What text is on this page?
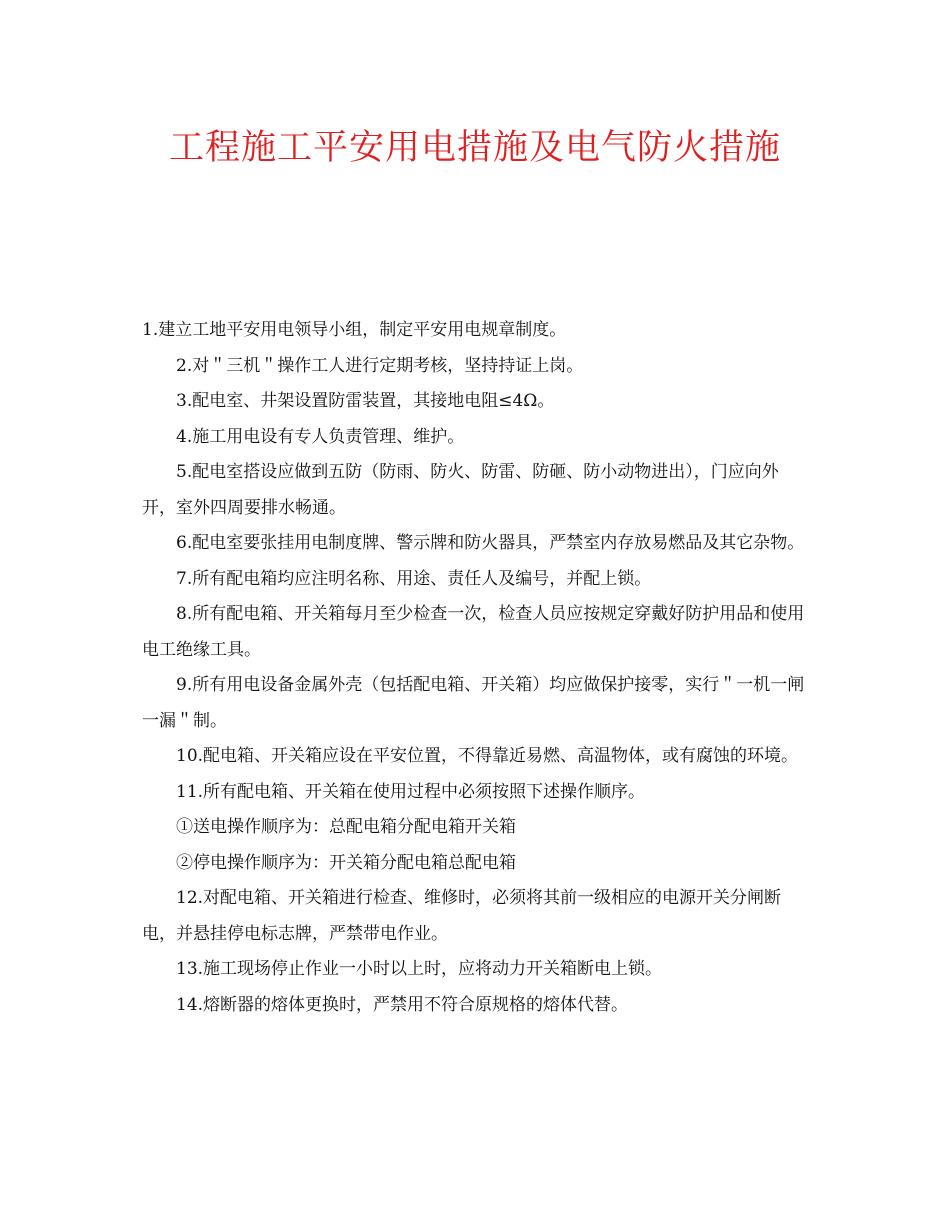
工程施工平安用电措施及电气防火措施

1.建立工地平安用电领导小组，制定平安用电规章制度。

2.对＂三机＂操作工人进行定期考核，坚持持证上岗。

3.配电室、井架设置防雷装置，其接地电阻≤4Ω。

4.施工用电设有专人负责管理、维护。

5.配电室搭设应做到五防（防雨、防火、防雷、防砸、防小动物进出），门应向外开，室外四周要排水畅通。

6.配电室要张挂用电制度牌、警示牌和防火器具，严禁室内存放易燃品及其它杂物。

7.所有配电箱均应注明名称、用途、责任人及编号，并配上锁。

8.所有配电箱、开关箱每月至少检查一次，检查人员应按规定穿戴好防护用品和使用电工绝缘工具。

9.所有用电设备金属外壳（包括配电箱、开关箱）均应做保护接零，实行＂一机一闸一漏＂制。

10.配电箱、开关箱应设在平安位置，不得靠近易燃、高温物体，或有腐蚀的环境。

11.所有配电箱、开关箱在使用过程中必须按照下述操作顺序。

①送电操作顺序为：总配电箱分配电箱开关箱

②停电操作顺序为：开关箱分配电箱总配电箱

12.对配电箱、开关箱进行检查、维修时，必须将其前一级相应的电源开关分闸断电，并悬挂停电标志牌，严禁带电作业。

13.施工现场停止作业一小时以上时，应将动力开关箱断电上锁。

14.熔断器的熔体更换时，严禁用不符合原规格的熔体代替。
